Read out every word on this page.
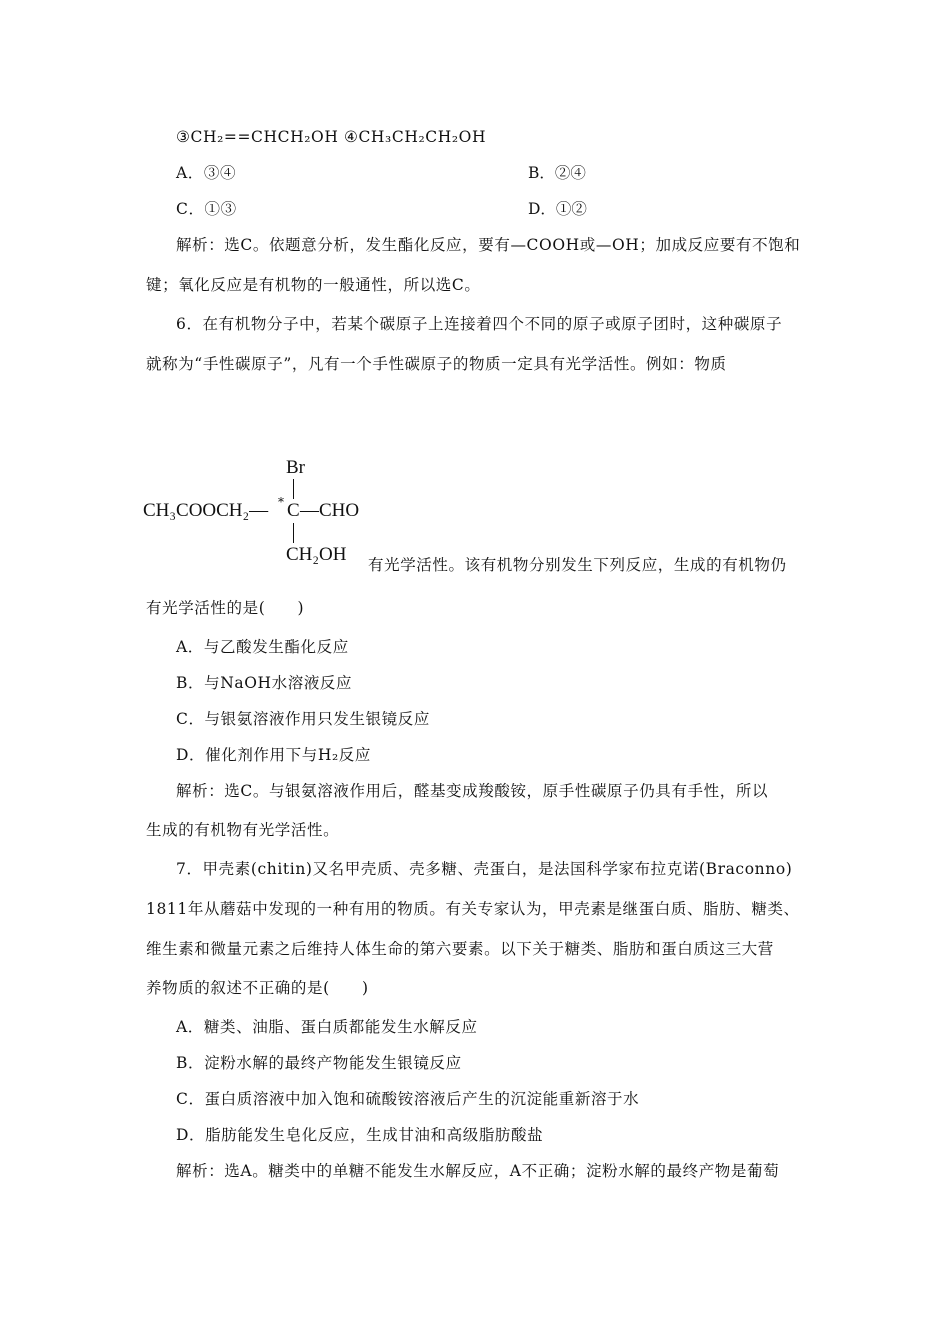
③CH₂==CHCH₂OH ④CH₃CH₂CH₂OH
A．③④	B．②④
C．①③	D．①②
解析：选C。依题意分析，发生酯化反应，要有—COOH或—OH；加成反应要有不饱和
键；氧化反应是有机物的一般通性，所以选C。
6．在有机物分子中，若某个碳原子上连接着四个不同的原子或原子团时，这种碳原子
就称为“手性碳原子”，凡有一个手性碳原子的物质一定具有光学活性。例如：物质
Br
CH₃COOCH₂— * C —CHO
CH₂OH 有光学活性。该有机物分别发生下列反应，生成的有机物仍
有光学活性的是(　　)
A．与乙酸发生酯化反应
B．与NaOH水溶液反应
C．与银氨溶液作用只发生银镜反应
D．催化剂作用下与H₂反应
解析：选C。与银氨溶液作用后，醛基变成羧酸铵，原手性碳原子仍具有手性，所以
生成的有机物有光学活性。
7．甲壳素(chitin)又名甲壳质、壳多糖、壳蛋白，是法国科学家布拉克诺(Braconno)
1811年从蘑菇中发现的一种有用的物质。有关专家认为，甲壳素是继蛋白质、脂肪、糖类、
维生素和微量元素之后维持人体生命的第六要素。以下关于糖类、脂肪和蛋白质这三大营
养物质的叙述不正确的是(　　)
A．糖类、油脂、蛋白质都能发生水解反应
B．淀粉水解的最终产物能发生银镜反应
C．蛋白质溶液中加入饱和硫酸铵溶液后产生的沉淀能重新溶于水
D．脂肪能发生皂化反应，生成甘油和高级脂肪酸盐
解析：选A。糖类中的单糖不能发生水解反应，A不正确；淀粉水解的最终产物是葡萄
